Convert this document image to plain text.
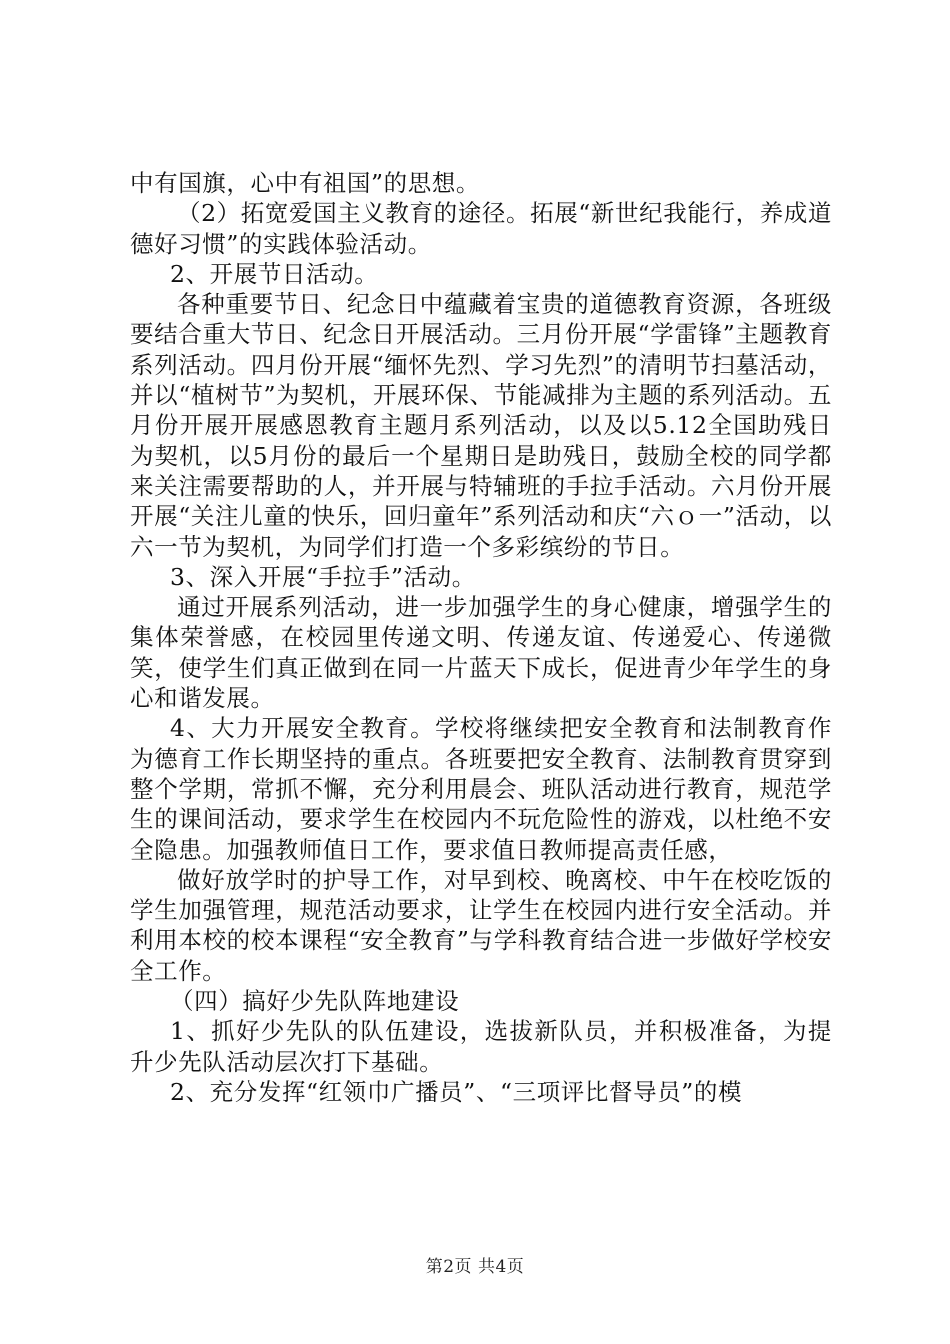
中有国旗，心中有祖国”的思想。

（2）拓宽爱国主义教育的途径。拓展“新世纪我能行，养成道德好习惯”的实践体验活动。

2、开展节日活动。

各种重要节日、纪念日中蕴藏着宝贵的道德教育资源，各班级要结合重大节日、纪念日开展活动。三月份开展“学雷锋”主题教育系列活动。四月份开展“缅怀先烈、学习先烈”的清明节扫墓活动，并以“植树节”为契机，开展环保、节能减排为主题的系列活动。五月份开展开展感恩教育主题月系列活动，以及以5.12全国助残日为契机，以5月份的最后一个星期日是助残日，鼓励全校的同学都来关注需要帮助的人，并开展与特辅班的手拉手活动。六月份开展开展“关注儿童的快乐，回归童年”系列活动和庆“六ｏ一”活动，以六一节为契机，为同学们打造一个多彩缤纷的节日。

3、深入开展“手拉手”活动。

通过开展系列活动，进一步加强学生的身心健康，增强学生的集体荣誉感，在校园里传递文明、传递友谊、传递爱心、传递微笑，使学生们真正做到在同一片蓝天下成长，促进青少年学生的身心和谐发展。

4、大力开展安全教育。学校将继续把安全教育和法制教育作为德育工作长期坚持的重点。各班要把安全教育、法制教育贯穿到整个学期，常抓不懈，充分利用晨会、班队活动进行教育，规范学生的课间活动，要求学生在校园内不玩危险性的游戏，以杜绝不安全隐患。加强教师值日工作，要求值日教师提高责任感，

做好放学时的护导工作，对早到校、晚离校、中午在校吃饭的学生加强管理，规范活动要求，让学生在校园内进行安全活动。并利用本校的校本课程“安全教育”与学科教育结合进一步做好学校安全工作。

（四）搞好少先队阵地建设

1、抓好少先队的队伍建设，选拔新队员，并积极准备，为提升少先队活动层次打下基础。

2、充分发挥“红领巾广播员”、“三项评比督导员”的模

第2页 共4页
